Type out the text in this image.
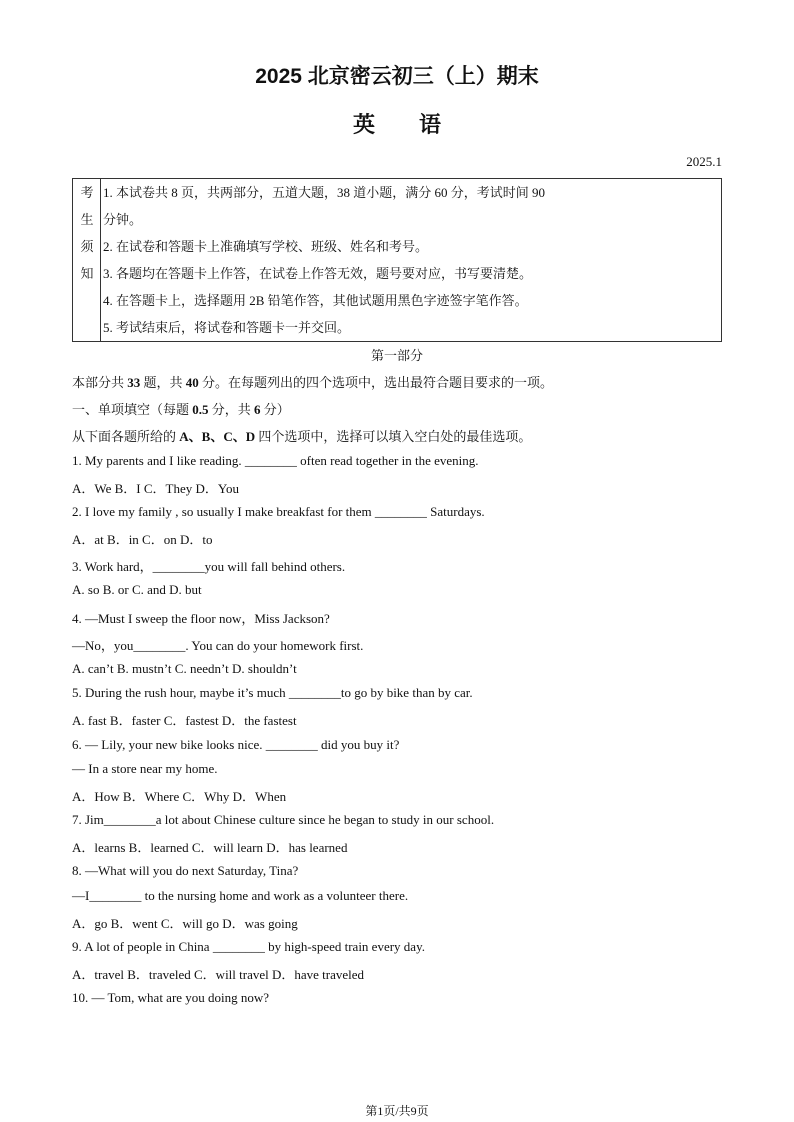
2025 北京密云初三（上）期末
英语
2025.1
考
生
须
知
1. 本试卷共 8 页，共两部分，五道大题，38 道小题，满分 60 分，考试时间 90
分钟。
2. 在试卷和答题卡上准确填写学校、班级、姓名和考号。
3. 各题均在答题卡上作答，在试卷上作答无效，题号要对应，书写要清楚。
4. 在答题卡上，选择题用 2B 铅笔作答，其他试题用黑色字迹签字笔作答。
5. 考试结束后，将试卷和答题卡一并交回。
第一部分
本部分共 33 题，共 40 分。在每题列出的四个选项中，选出最符合题目要求的一项。
一、单项填空（每题 0.5 分，共 6 分）
从下面各题所给的 A、B、C、D 四个选项中，选择可以填入空白处的最佳选项。
1. My parents and I like reading. ________ often read together in the evening.
A．We B．I C．They D．You
2. I love my family , so usually I make breakfast for them ________ Saturdays.
A．at B．in C．on D．to
3. Work hard，________you will fall behind others.
A. so B. or C. and D. but
4. —Must I sweep the floor now，Miss Jackson?
—No，you________. You can do your homework first.
A. can’t B. mustn’t C. needn’t D. shouldn’t
5. During the rush hour, maybe it’s much ________to go by bike than by car.
A. fast B．faster C．fastest D．the fastest
6. — Lily, your new bike looks nice. ________ did you buy it?
— In a store near my home.
A．How B．Where C．Why D．When
7. Jim________a lot about Chinese culture since he began to study in our school.
A．learns B．learned C．will learn D．has learned
8. —What will you do next Saturday, Tina?
—I________ to the nursing home and work as a volunteer there.
A．go B．went C．will go D．was going
9. A lot of people in China ________ by high-speed train every day.
A．travel B．traveled C．will travel D．have traveled
10. — Tom, what are you doing now?
第1页/共9页
